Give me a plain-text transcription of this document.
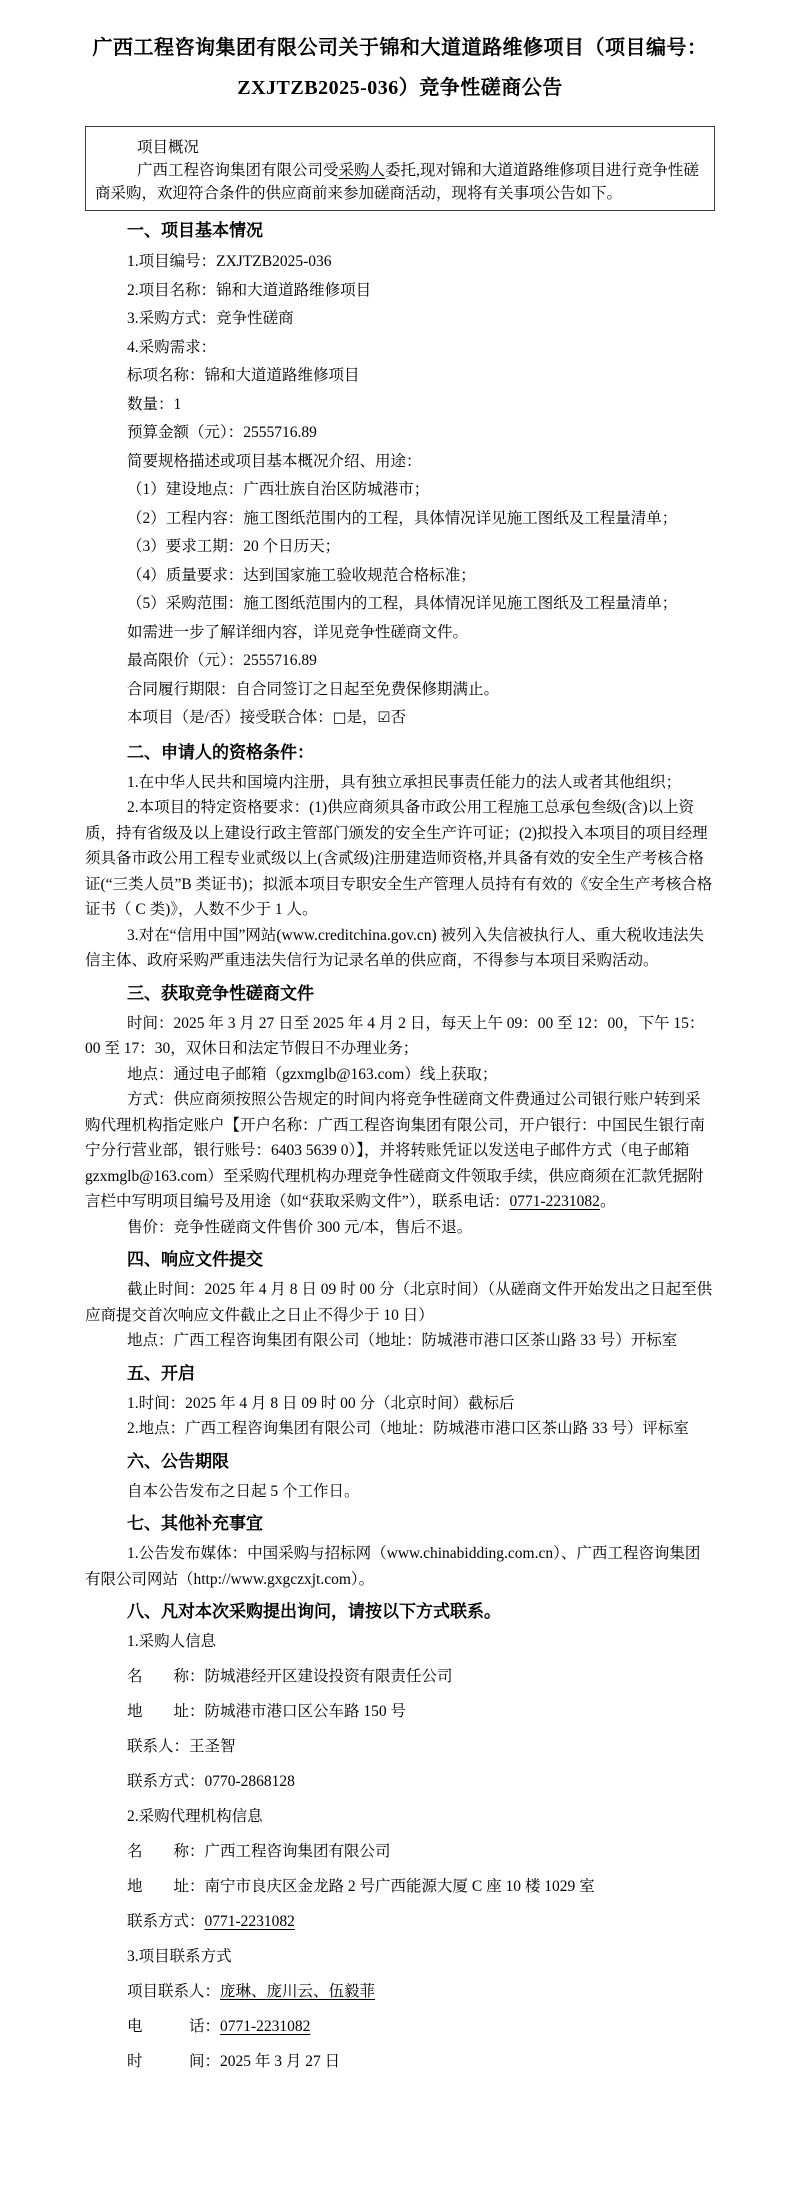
广西工程咨询集团有限公司关于锦和大道道路维修项目（项目编号：
ZXJTZB2025-036）竞争性磋商公告
项目概况
广西工程咨询集团有限公司受采购人委托,现对锦和大道道路维修项目进行竞争性磋商采购，欢迎符合条件的供应商前来参加磋商活动，现将有关事项公告如下。
一、项目基本情况
1.项目编号：ZXJTZB2025-036
2.项目名称：锦和大道道路维修项目
3.采购方式：竞争性磋商
4.采购需求：
标项名称：锦和大道道路维修项目
数量：1
预算金额（元）：2555716.89
简要规格描述或项目基本概况介绍、用途：
（1）建设地点：广西壮族自治区防城港市；
（2）工程内容：施工图纸范围内的工程，具体情况详见施工图纸及工程量清单；
（3）要求工期：20 个日历天；
（4）质量要求：达到国家施工验收规范合格标准；
（5）采购范围：施工图纸范围内的工程，具体情况详见施工图纸及工程量清单；
如需进一步了解详细内容，详见竞争性磋商文件。
最高限价（元）：2555716.89
合同履行期限：自合同签订之日起至免费保修期满止。
本项目（是/否）接受联合体：□是，☑否
二、申请人的资格条件：
1.在中华人民共和国境内注册，具有独立承担民事责任能力的法人或者其他组织；
2.本项目的特定资格要求：(1)供应商须具备市政公用工程施工总承包叁级(含)以上资质，持有省级及以上建设行政主管部门颁发的安全生产许可证；(2)拟投入本项目的项目经理须具备市政公用工程专业贰级以上(含贰级)注册建造师资格,并具备有效的安全生产考核合格证(“三类人员”B 类证书)；拟派本项目专职安全生产管理人员持有有效的《安全生产考核合格证书（ C 类)》，人数不少于 1 人。
3.对在“信用中国”网站(www.creditchina.gov.cn) 被列入失信被执行人、重大税收违法失信主体、政府采购严重违法失信行为记录名单的供应商，不得参与本项目采购活动。
三、获取竞争性磋商文件
时间：2025 年 3 月 27 日至 2025 年 4 月 2 日，每天上午 09：00 至 12：00，下午 15：00 至 17：30，双休日和法定节假日不办理业务；
地点：通过电子邮箱（gzxmglb@163.com）线上获取；
方式：供应商须按照公告规定的时间内将竞争性磋商文件费通过公司银行账户转到采购代理机构指定账户【开户名称：广西工程咨询集团有限公司，开户银行：中国民生银行南宁分行营业部，银行账号：6403 5639 0）】，并将转账凭证以发送电子邮件方式（电子邮箱gzxmglb@163.com）至采购代理机构办理竞争性磋商文件领取手续，供应商须在汇款凭据附言栏中写明项目编号及用途（如“获取采购文件”），联系电话：0771-2231082。
售价：竞争性磋商文件售价 300 元/本，售后不退。
四、响应文件提交
截止时间：2025 年 4 月 8 日 09 时 00 分（北京时间）（从磋商文件开始发出之日起至供应商提交首次响应文件截止之日止不得少于 10 日）
地点：广西工程咨询集团有限公司（地址：防城港市港口区茶山路 33 号）开标室
五、开启
1.时间：2025 年 4 月 8 日 09 时 00 分（北京时间）截标后
2.地点：广西工程咨询集团有限公司（地址：防城港市港口区茶山路 33 号）评标室
六、公告期限
自本公告发布之日起 5 个工作日。
七、其他补充事宜
1.公告发布媒体：中国采购与招标网（www.chinabidding.com.cn）、广西工程咨询集团有限公司网站（http://www.gxgczxjt.com）。
八、凡对本次采购提出询问，请按以下方式联系。
1.采购人信息
名　　称：防城港经开区建设投资有限责任公司
地　　址：防城港市港口区公车路 150 号
联系人：王圣智
联系方式：0770-2868128
2.采购代理机构信息
名　　称：广西工程咨询集团有限公司
地　　址：南宁市良庆区金龙路 2 号广西能源大厦 C 座 10 楼 1029 室
联系方式：0771-2231082
3.项目联系方式
项目联系人：庞琳、庞川云、伍毅菲
电　　　话：0771-2231082
时　　　间：2025 年 3 月 27 日
